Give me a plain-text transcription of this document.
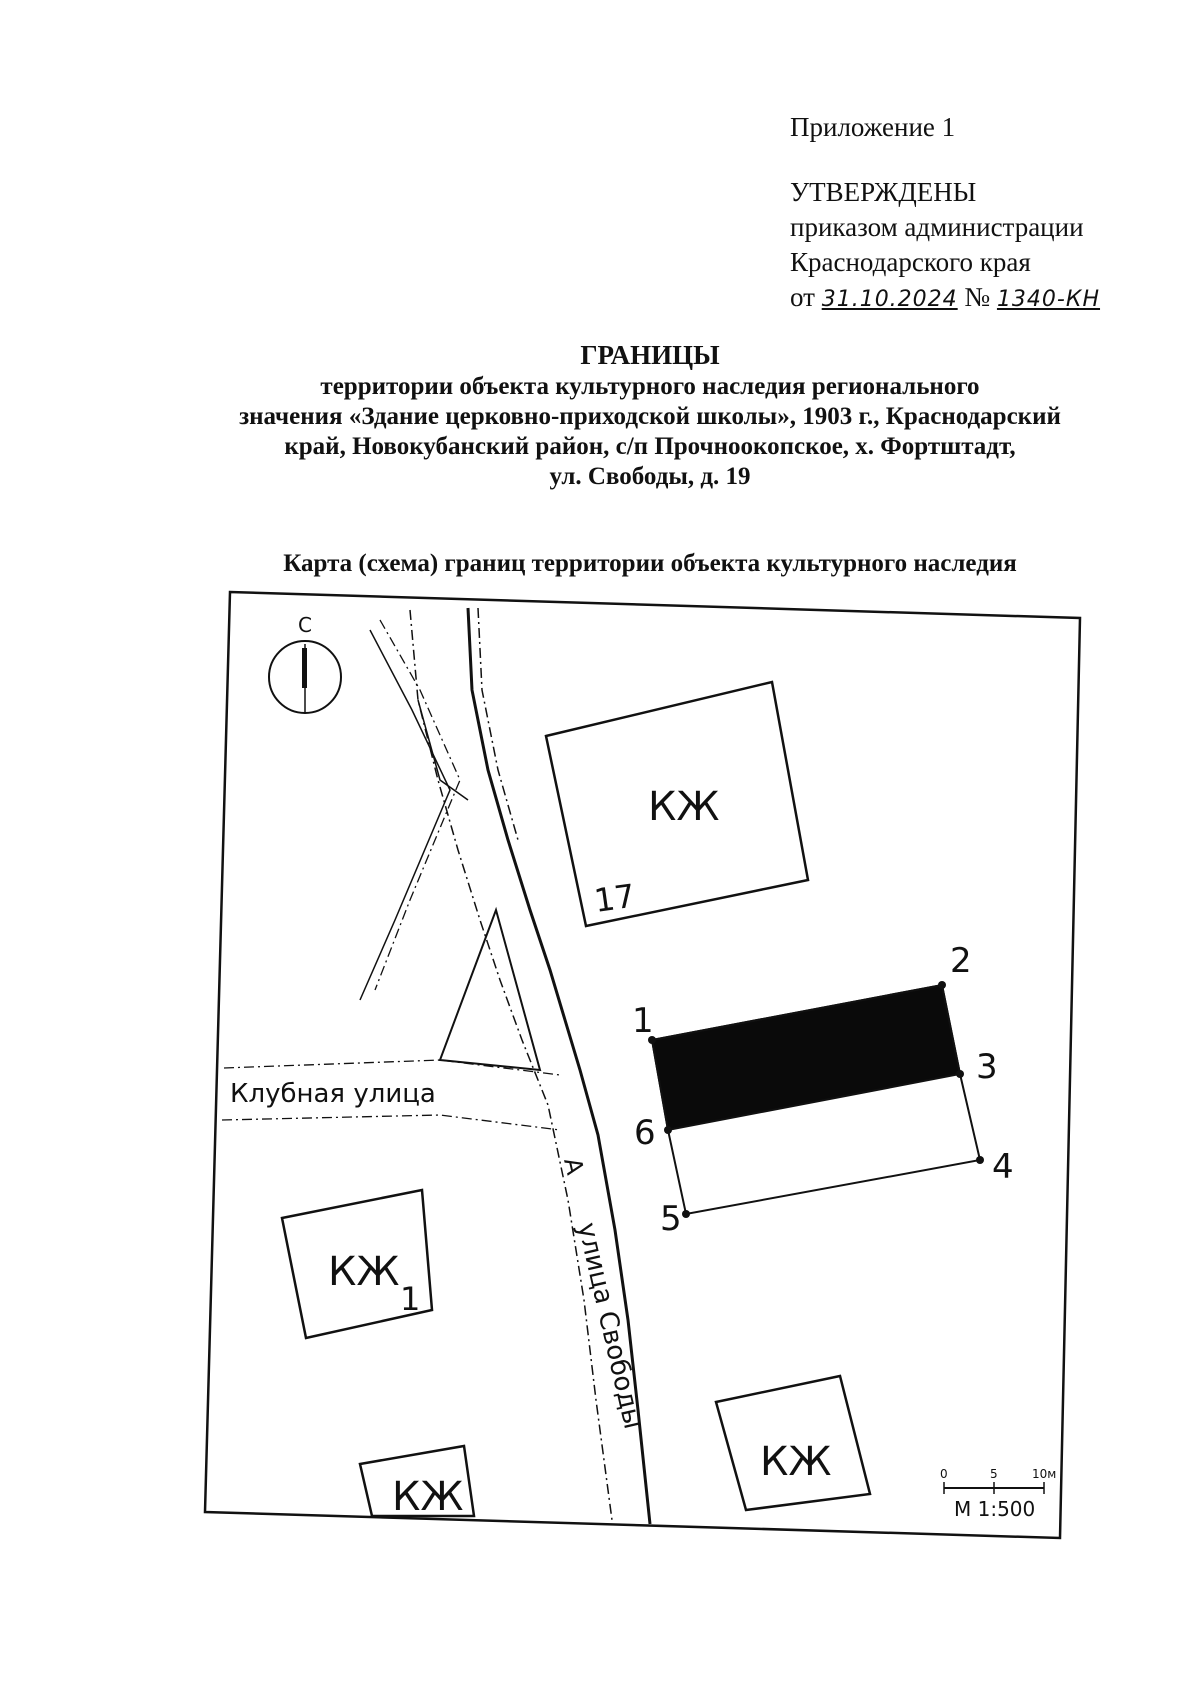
Приложение 1
УТВЕРЖДЕНЫ
приказом администрации
Краснодарского края
от 31.10.2024 № 1340-КН
ГРАНИЦЫ
территории объекта культурного наследия регионального
значения «Здание церковно-приходской школы», 1903 г., Краснодарский
край, Новокубанский район, с/п Прочноокопское, х. Фортштадт,
ул. Свободы, д. 19
Карта (схема) границ территории объекта культурного наследия
Клубная улица
улица Свободы
А
С
КЖ
17
КЖ
1
КЖ
КЖ
1
2
3
4
5
6
0	5	10м
М 1:500
